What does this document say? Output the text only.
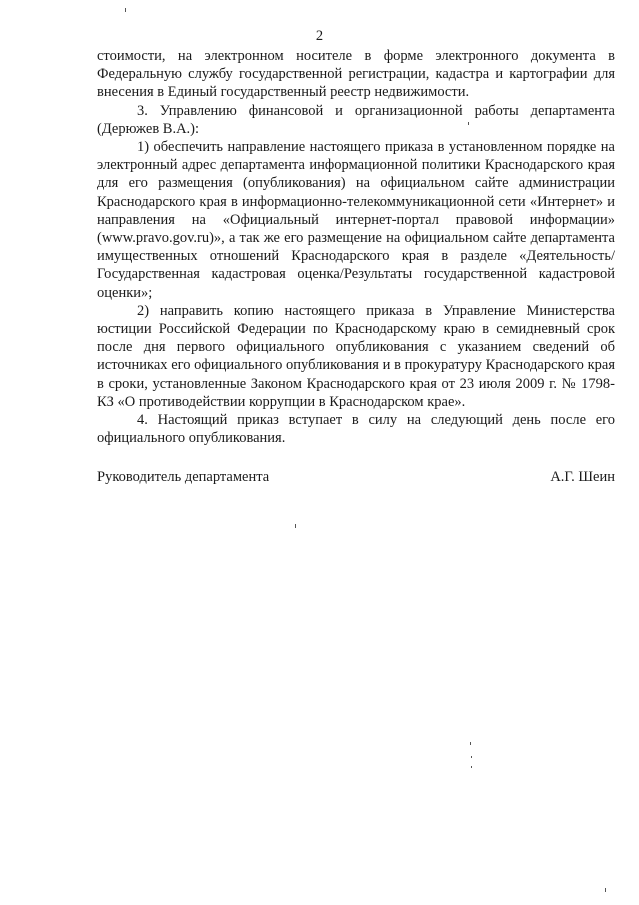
2

стоимости, на электронном носителе в форме электронного документа в Федеральную службу государственной регистрации, кадастра и картографии для внесения в Единый государственный реестр недвижимости.

3. Управлению финансовой и организационной работы департамента (Дерюжев В.А.):

1) обеспечить направление настоящего приказа в установленном порядке на электронный адрес департамента информационной политики Краснодарского края для его размещения (опубликования) на официальном сайте администрации Краснодарского края в информационно-телекоммуникационной сети «Интернет» и направления на «Официальный интернет-портал правовой информации» (www.pravo.gov.ru)», а так же его размещение на официальном сайте департамента имущественных отношений Краснодарского края в разделе «Деятельность/Государственная кадастровая оценка/Результаты государственной кадастровой оценки»;

2) направить копию настоящего приказа в Управление Министерства юстиции Российской Федерации по Краснодарскому краю в семидневный срок после дня первого официального опубликования с указанием сведений об источниках его официального опубликования и в прокуратуру Краснодарского края в сроки, установленные Законом Краснодарского края от 23 июля 2009 г. № 1798-КЗ «О противодействии коррупции в Краснодарском крае».

4. Настоящий приказ вступает в силу на следующий день после его официального опубликования.

Руководитель департамента	А.Г. Шеин
